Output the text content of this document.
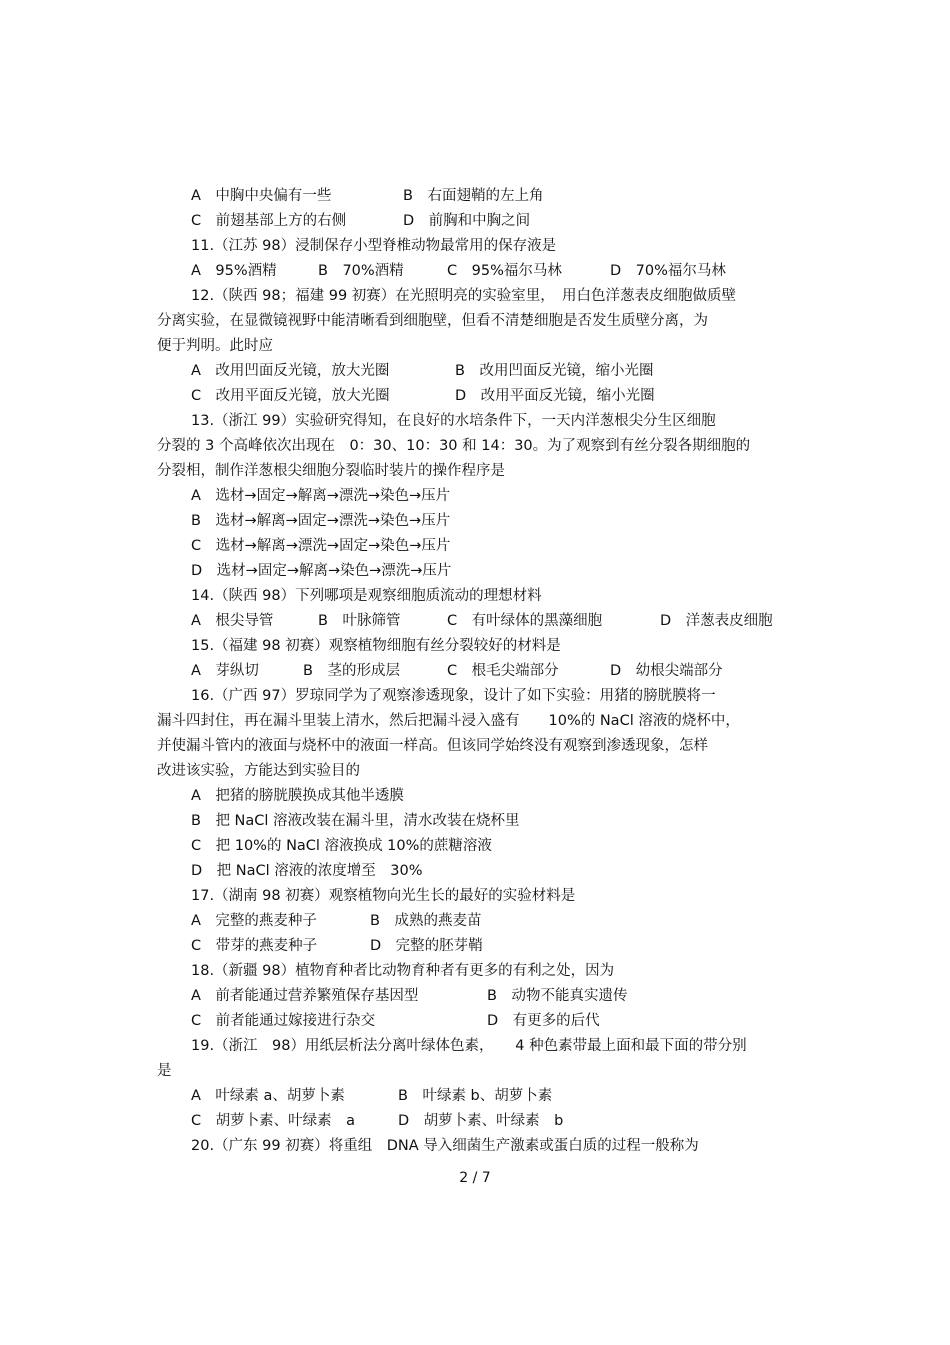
A　中胸中央偏有一些	B　右面翅鞘的左上角
C　前翅基部上方的右侧	D　前胸和中胸之间
11.（江苏 98）浸制保存小型脊椎动物最常用的保存液是
A　95%酒精	B　70%酒精	C　95%福尔马林	D　70%福尔马林
12.（陕西 98；福建 99 初赛）在光照明亮的实验室里，　用白色洋葱表皮细胞做质壁
分离实验，在显微镜视野中能清晰看到细胞壁，但看不清楚细胞是否发生质壁分离，为
便于判明。此时应
A　改用凹面反光镜，放大光圈	B　改用凹面反光镜，缩小光圈
C　改用平面反光镜，放大光圈	D　改用平面反光镜，缩小光圈
13.（浙江 99）实验研究得知，在良好的水培条件下，一天内洋葱根尖分生区细胞
分裂的 3 个高峰依次出现在　0：30、10：30 和 14：30。为了观察到有丝分裂各期细胞的
分裂相，制作洋葱根尖细胞分裂临时装片的操作程序是
A　选材→固定→解离→漂洗→染色→压片
B　选材→解离→固定→漂洗→染色→压片
C　选材→解离→漂洗→固定→染色→压片
D　选材→固定→解离→染色→漂洗→压片
14.（陕西 98）下列哪项是观察细胞质流动的理想材料
A　根尖导管	B　叶脉筛管	C　有叶绿体的黑藻细胞	D　洋葱表皮细胞
15.（福建 98 初赛）观察植物细胞有丝分裂较好的材料是
A　芽纵切	B　茎的形成层	C　根毛尖端部分	D　幼根尖端部分
16.（广西 97）罗琼同学为了观察渗透现象，设计了如下实验：用猪的膀胱膜将一
漏斗四封住，再在漏斗里装上清水，然后把漏斗浸入盛有　　10%的 NaCl 溶液的烧杯中，
并使漏斗管内的液面与烧杯中的液面一样高。但该同学始终没有观察到渗透现象，怎样
改进该实验，方能达到实验目的
A　把猪的膀胱膜换成其他半透膜
B　把 NaCl 溶液改装在漏斗里，清水改装在烧杯里
C　把 10%的 NaCl 溶液换成 10%的蔗糖溶液
D　把 NaCl 溶液的浓度增至　30%
17.（湖南 98 初赛）观察植物向光生长的最好的实验材料是
A　完整的燕麦种子	B　成熟的燕麦苗
C　带芽的燕麦种子	D　完整的胚芽鞘
18.（新疆 98）植物育种者比动物育种者有更多的有利之处，因为
A　前者能通过营养繁殖保存基因型	B　动物不能真实遗传
C　前者能通过嫁接进行杂交	D　有更多的后代
19.（浙江　98）用纸层析法分离叶绿体色素，　　4 种色素带最上面和最下面的带分别
是
A　叶绿素 a、胡萝卜素	B　叶绿素 b、胡萝卜素
C　胡萝卜素、叶绿素　a	D　胡萝卜素、叶绿素　b
20.（广东 99 初赛）将重组　DNA 导入细菌生产激素或蛋白质的过程一般称为
2 / 7
